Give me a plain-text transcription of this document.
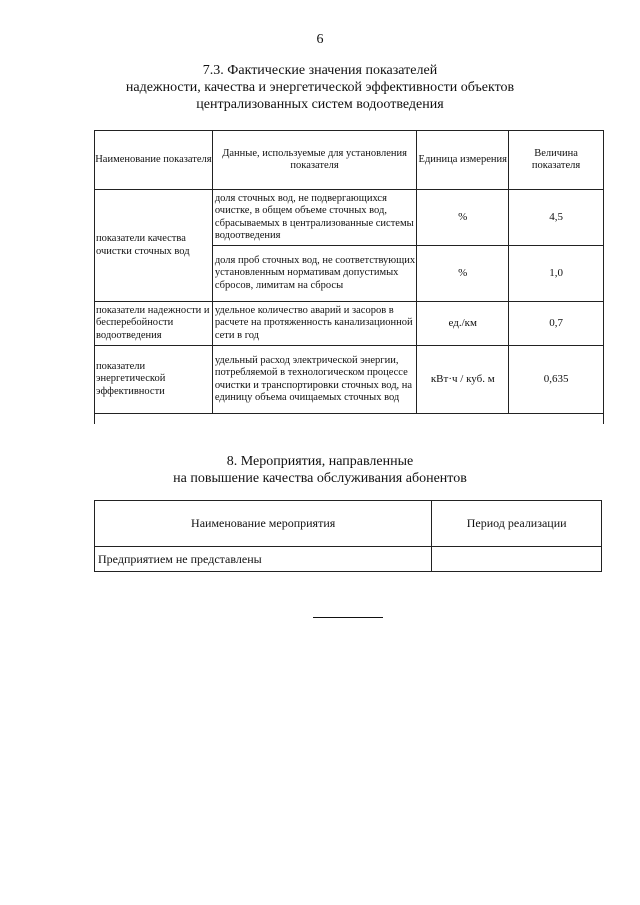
6
7.3. Фактические значения показателей
надежности, качества и энергетической эффективности объектов
централизованных систем водоотведения
Наименование показателя	Данные, используемые для установления показателя	Единица измерения	Величина показателя
показатели качества очистки сточных вод	доля сточных вод, не подвергающихся очистке, в общем объеме сточных вод, сбрасываемых в централизованные системы водоотведения	%	4,5
	доля проб сточных вод, не соответствующих установленным нормативам допустимых сбросов, лимитам на сбросы	%	1,0
показатели надежности и бесперебойности водоотведения	удельное количество аварий и засоров в расчете на протяженность канализационной сети в год	ед./км	0,7
показатели энергетической эффективности	удельный расход электрической энергии, потребляемой в технологическом процессе очистки и транспортировки сточных вод, на единицу объема очищаемых сточных вод	кВт·ч / куб. м	0,635

8. Мероприятия, направленные
на повышение качества обслуживания абонентов
Наименование мероприятия	Период реализации
Предприятием не представлены	
